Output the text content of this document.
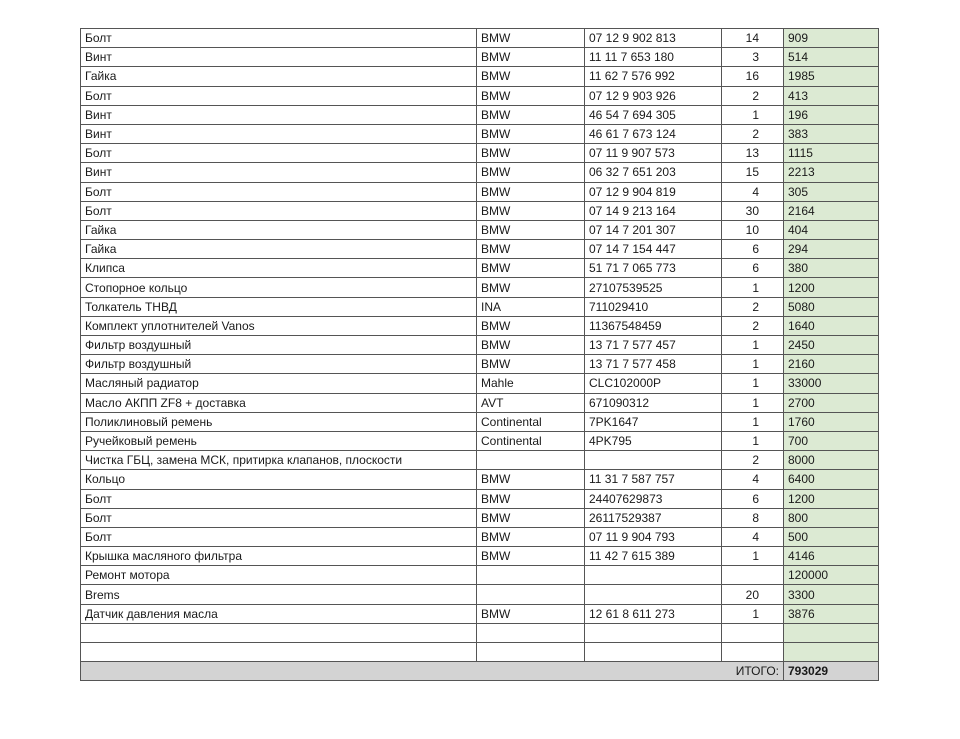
Болт	BMW	07 12 9 902 813	14	909
Винт	BMW	11 11 7 653 180	3	514
Гайка	BMW	11 62 7 576 992	16	1985
Болт	BMW	07 12 9 903 926	2	413
Винт	BMW	46 54 7 694 305	1	196
Винт	BMW	46 61 7 673 124	2	383
Болт	BMW	07 11 9 907 573	13	1115
Винт	BMW	06 32 7 651 203	15	2213
Болт	BMW	07 12 9 904 819	4	305
Болт	BMW	07 14 9 213 164	30	2164
Гайка	BMW	07 14 7 201 307	10	404
Гайка	BMW	07 14 7 154 447	6	294
Клипса	BMW	51 71 7 065 773	6	380
Стопорное кольцо	BMW	27107539525	1	1200
Толкатель ТНВД	INA	711029410	2	5080
Комплект уплотнителей Vanos	BMW	11367548459	2	1640
Фильтр воздушный	BMW	13 71 7 577 457	1	2450
Фильтр воздушный	BMW	13 71 7 577 458	1	2160
Масляный радиатор	Mahle	CLC102000P	1	33000
Масло АКПП ZF8 + доставка	AVT	671090312	1	2700
Поликлиновый ремень	Continental	7PK1647	1	1760
Ручейковый ремень	Continental	4PK795	1	700
Чистка ГБЦ, замена МСК, притирка клапанов, плоскости			2	8000
Кольцо	BMW	11 31 7 587 757	4	6400
Болт	BMW	24407629873	6	1200
Болт	BMW	26117529387	8	800
Болт	BMW	07 11 9 904 793	4	500
Крышка масляного фильтра	BMW	11 42 7 615 389	1	4146
Ремонт мотора				120000
Brems			20	3300
Датчик давления масла	BMW	12 61 8 611 273	1	3876

ИТОГО:				793029
